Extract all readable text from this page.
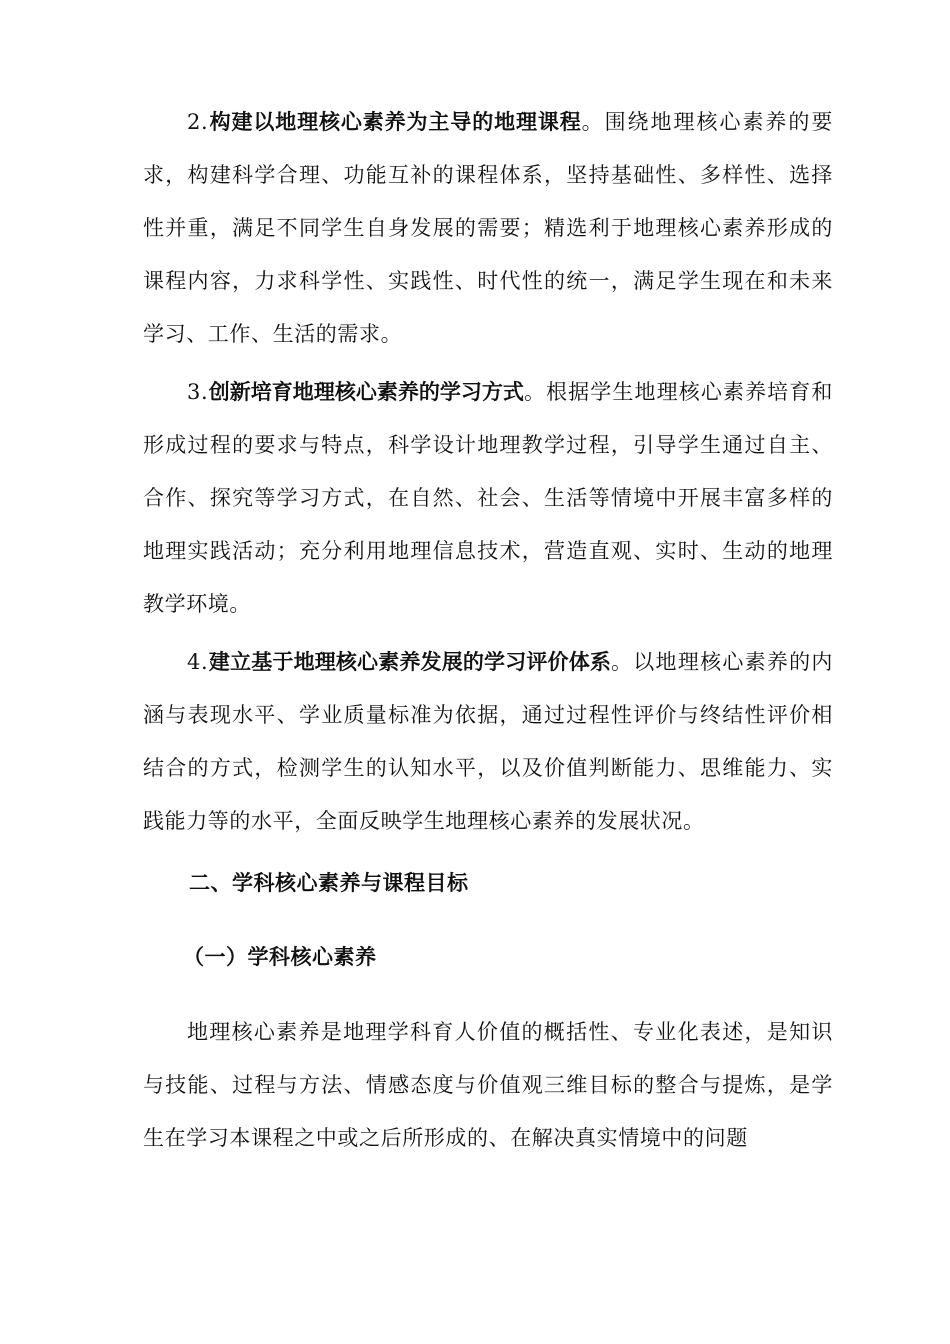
2.构建以地理核心素养为主导的地理课程。围绕地理核心素养的要求，构建科学合理、功能互补的课程体系，坚持基础性、多样性、选择性并重，满足不同学生自身发展的需要；精选利于地理核心素养形成的课程内容，力求科学性、实践性、时代性的统一，满足学生现在和未来学习、工作、生活的需求。

3.创新培育地理核心素养的学习方式。根据学生地理核心素养培育和形成过程的要求与特点，科学设计地理教学过程，引导学生通过自主、合作、探究等学习方式，在自然、社会、生活等情境中开展丰富多样的地理实践活动；充分利用地理信息技术，营造直观、实时、生动的地理教学环境。

4.建立基于地理核心素养发展的学习评价体系。以地理核心素养的内涵与表现水平、学业质量标准为依据，通过过程性评价与终结性评价相结合的方式，检测学生的认知水平，以及价值判断能力、思维能力、实践能力等的水平，全面反映学生地理核心素养的发展状况。

二、学科核心素养与课程目标
（一）学科核心素养

地理核心素养是地理学科育人价值的概括性、专业化表述，是知识与技能、过程与方法、情感态度与价值观三维目标的整合与提炼，是学生在学习本课程之中或之后所形成的、在解决真实情境中的问题
